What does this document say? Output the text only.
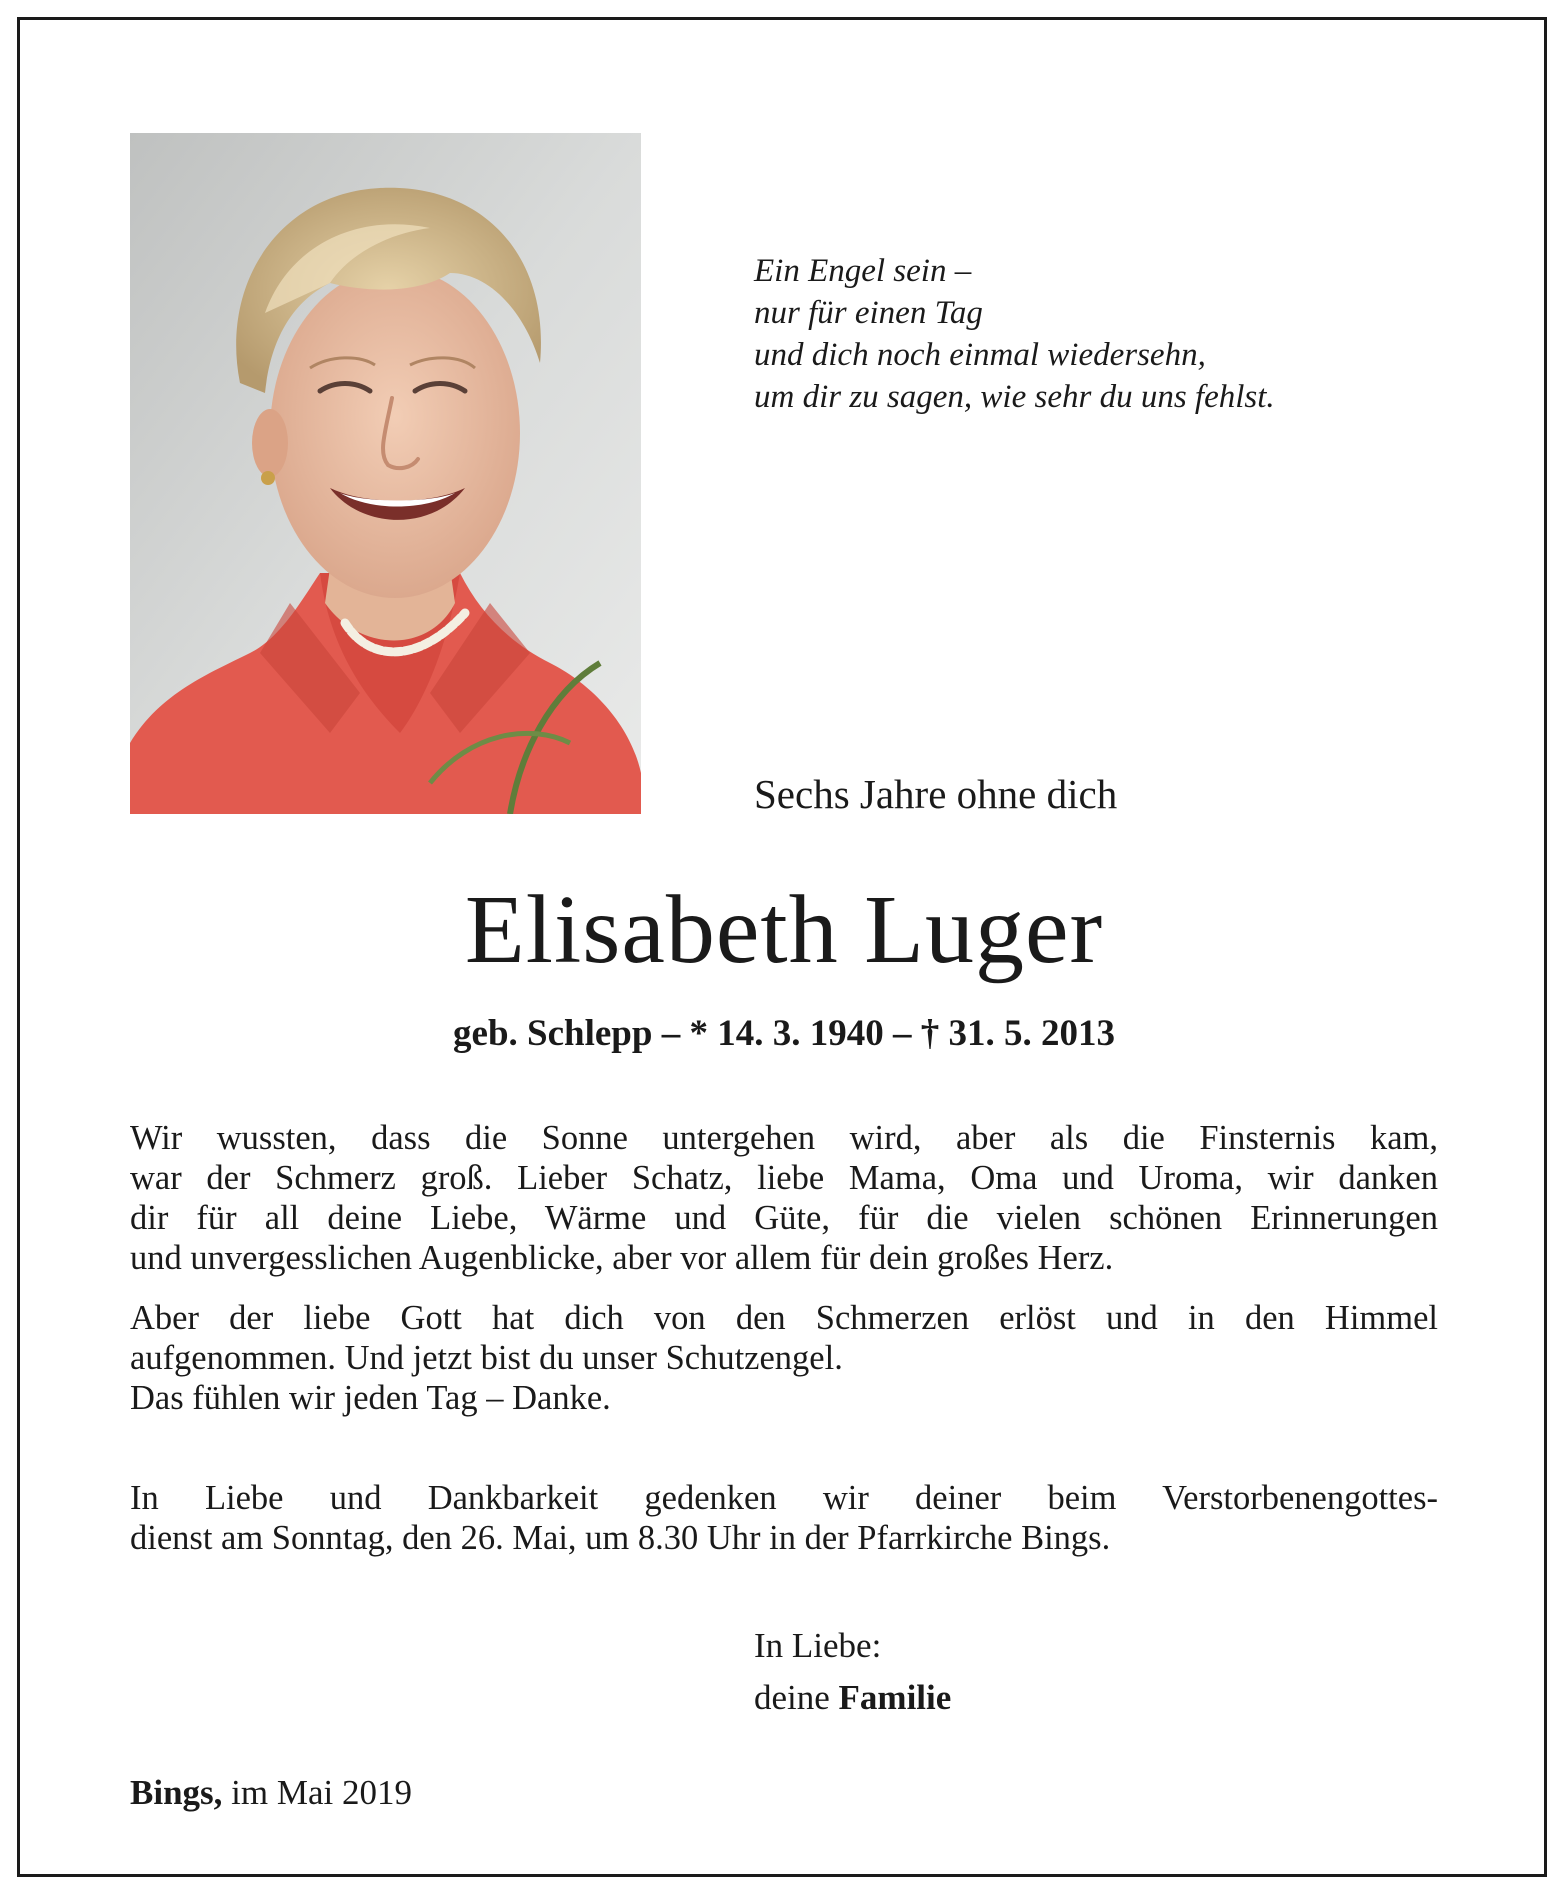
Ein Engel sein –
nur für einen Tag
und dich noch einmal wiedersehn,
um dir zu sagen, wie sehr du uns fehlst.
Sechs Jahre ohne dich
Elisabeth Luger
geb. Schlepp – * 14. 3. 1940 – † 31. 5. 2013
Wir wussten, dass die Sonne untergehen wird, aber als die Finsternis kam,
war der Schmerz groß. Lieber Schatz, liebe Mama, Oma und Uroma, wir danken
dir für all deine Liebe, Wärme und Güte, für die vielen schönen Erinnerungen
und unvergesslichen Augenblicke, aber vor allem für dein großes Herz.
Aber der liebe Gott hat dich von den Schmerzen erlöst und in den Himmel
aufgenommen. Und jetzt bist du unser Schutzengel.
Das fühlen wir jeden Tag – Danke.
In Liebe und Dankbarkeit gedenken wir deiner beim Verstorbenengottes-
dienst am Sonntag, den 26. Mai, um 8.30 Uhr in der Pfarrkirche Bings.
In Liebe:
deine Familie
Bings, im Mai 2019
